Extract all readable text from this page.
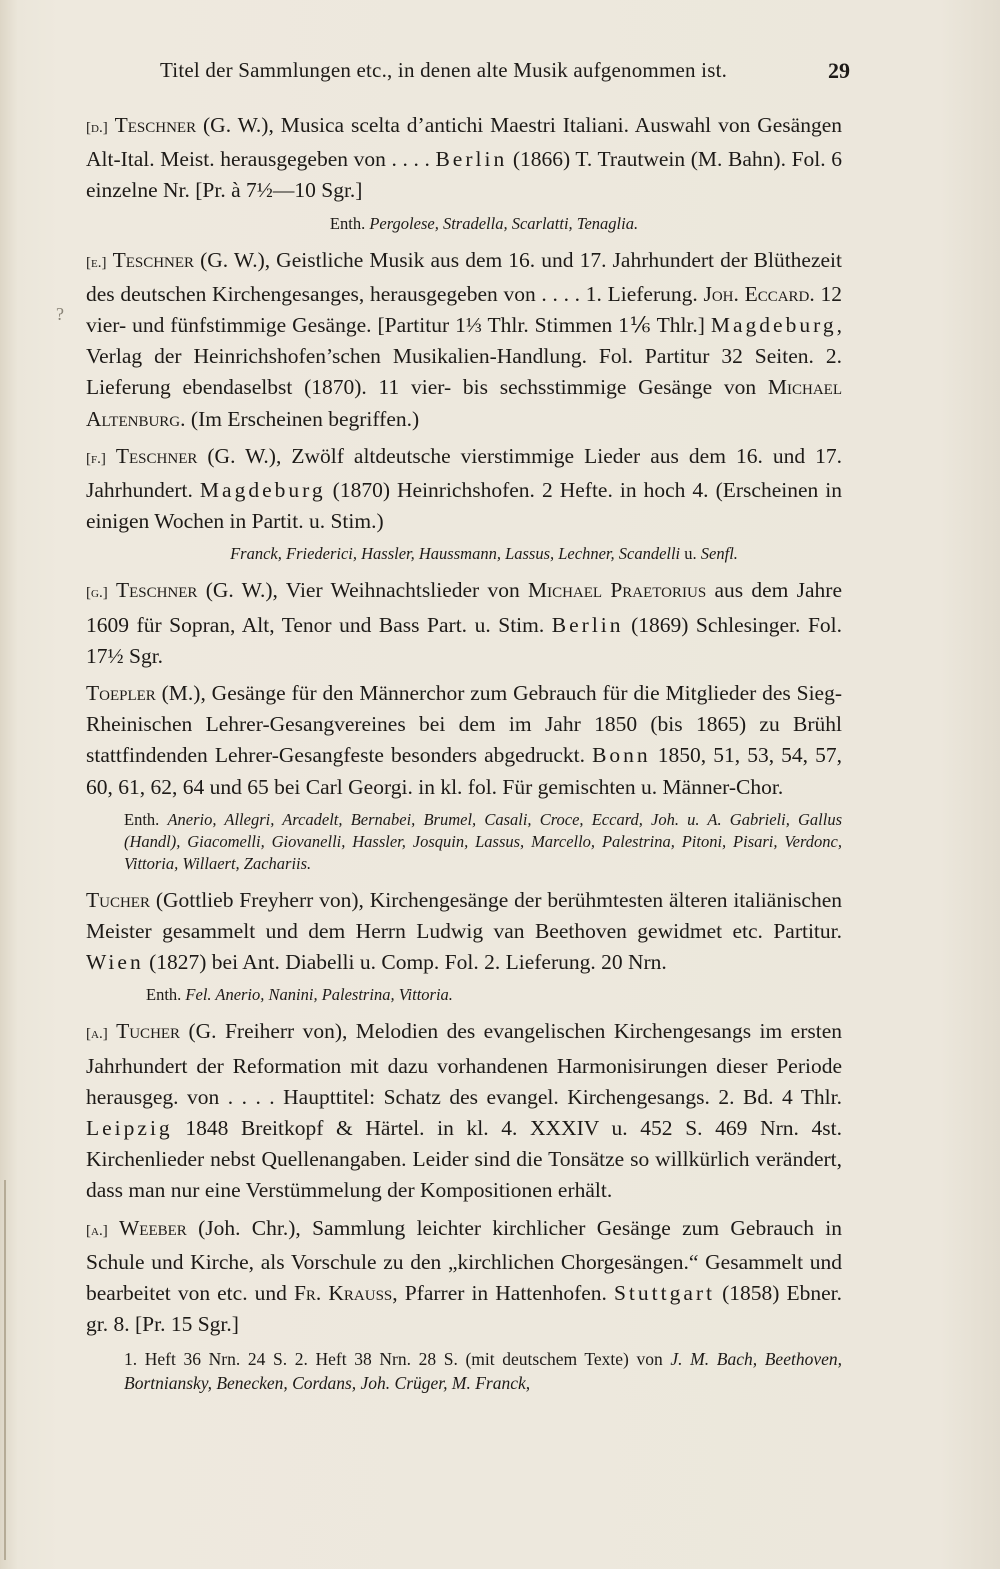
Titel der Sammlungen etc., in denen alte Musik aufgenommen ist.	29
?

[d.] Teschner (G. W.), Musica scelta d’antichi Maestri Italiani. Auswahl von Gesängen Alt-Ital. Meist. herausgegeben von . . . . Berlin (1866) T. Trautwein (M. Bahn). Fol. 6 einzelne Nr. [Pr. à 7½—10 Sgr.]

Enth. Pergolese, Stradella, Scarlatti, Tenaglia.

[e.] Teschner (G. W.), Geistliche Musik aus dem 16. und 17. Jahrhundert der Blüthezeit des deutschen Kirchengesanges, herausgegeben von . . . . 1. Lieferung. Joh. Eccard. 12 vier- und fünfstimmige Gesänge. [Partitur 1⅓ Thlr. Stimmen 1⅙ Thlr.] Magdeburg, Verlag der Heinrichshofen’schen Musikalien-Handlung. Fol. Partitur 32 Seiten. 2. Lieferung ebendaselbst (1870). 11 vier- bis sechsstimmige Gesänge von Michael Altenburg. (Im Erscheinen begriffen.)

[f.] Teschner (G. W.), Zwölf altdeutsche vierstimmige Lieder aus dem 16. und 17. Jahrhundert. Magdeburg (1870) Heinrichshofen. 2 Hefte. in hoch 4. (Erscheinen in einigen Wochen in Partit. u. Stim.)

Franck, Friederici, Hassler, Haussmann, Lassus, Lechner, Scandelli u. Senfl.

[g.] Teschner (G. W.), Vier Weihnachtslieder von Michael Praetorius aus dem Jahre 1609 für Sopran, Alt, Tenor und Bass Part. u. Stim. Berlin (1869) Schlesinger. Fol. 17½ Sgr.

Toepler (M.), Gesänge für den Männerchor zum Gebrauch für die Mitglieder des Sieg-Rheinischen Lehrer-Gesangvereines bei dem im Jahr 1850 (bis 1865) zu Brühl stattfindenden Lehrer-Gesangfeste besonders abgedruckt. Bonn 1850, 51, 53, 54, 57, 60, 61, 62, 64 und 65 bei Carl Georgi. in kl. fol. Für gemischten u. Männer-Chor.

Enth. Anerio, Allegri, Arcadelt, Bernabei, Brumel, Casali, Croce, Eccard, Joh. u. A. Gabrieli, Gallus (Handl), Giacomelli, Giovanelli, Hassler, Josquin, Lassus, Marcello, Palestrina, Pitoni, Pisari, Verdonc, Vittoria, Willaert, Zachariis.

Tucher (Gottlieb Freyherr von), Kirchengesänge der berühmtesten älteren italiänischen Meister gesammelt und dem Herrn Ludwig van Beethoven gewidmet etc. Partitur. Wien (1827) bei Ant. Diabelli u. Comp. Fol. 2. Lieferung. 20 Nrn.

Enth. Fel. Anerio, Nanini, Palestrina, Vittoria.

[a.] Tucher (G. Freiherr von), Melodien des evangelischen Kirchengesangs im ersten Jahrhundert der Reformation mit dazu vorhandenen Harmonisirungen dieser Periode herausgeg. von . . . . Haupttitel: Schatz des evangel. Kirchengesangs. 2. Bd. 4 Thlr. Leipzig 1848 Breitkopf & Härtel. in kl. 4. XXXIV u. 452 S. 469 Nrn. 4st. Kirchenlieder nebst Quellenangaben. Leider sind die Tonsätze so willkürlich verändert, dass man nur eine Verstümmelung der Kompositionen erhält.

[a.] Weeber (Joh. Chr.), Sammlung leichter kirchlicher Gesänge zum Gebrauch in Schule und Kirche, als Vorschule zu den „kirchlichen Chorgesängen.“ Gesammelt und bearbeitet von etc. und Fr. Krauss, Pfarrer in Hattenhofen. Stuttgart (1858) Ebner. gr. 8. [Pr. 15 Sgr.]

1. Heft 36 Nrn. 24 S. 2. Heft 38 Nrn. 28 S. (mit deutschem Texte) von J. M. Bach, Beethoven, Bortniansky, Benecken, Cordans, Joh. Crüger, M. Franck,
